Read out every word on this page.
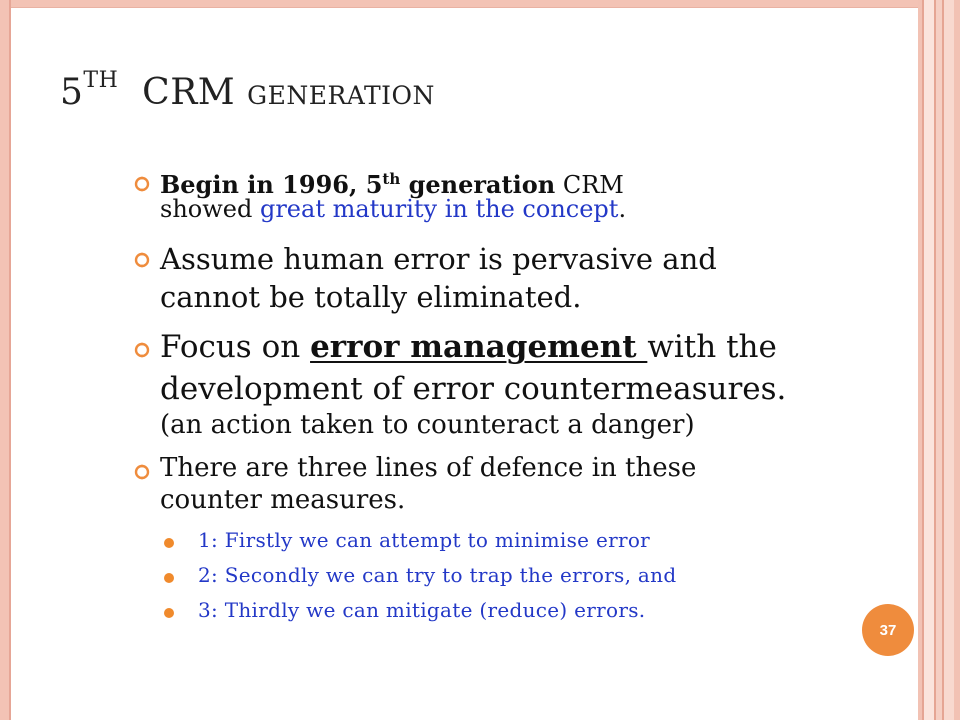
5TH CRM generation
Begin in 1996, 5th generation CRM
showed great maturity in the concept.
Assume human error is pervasive and
cannot be totally eliminated.
Focus on error management with the
development of error countermeasures.
(an action taken to counteract a danger)
There are three lines of defence in these
counter measures.
1: Firstly we can attempt to minimise error
2: Secondly we can try to trap the errors, and
3: Thirdly we can mitigate (reduce) errors.
37
